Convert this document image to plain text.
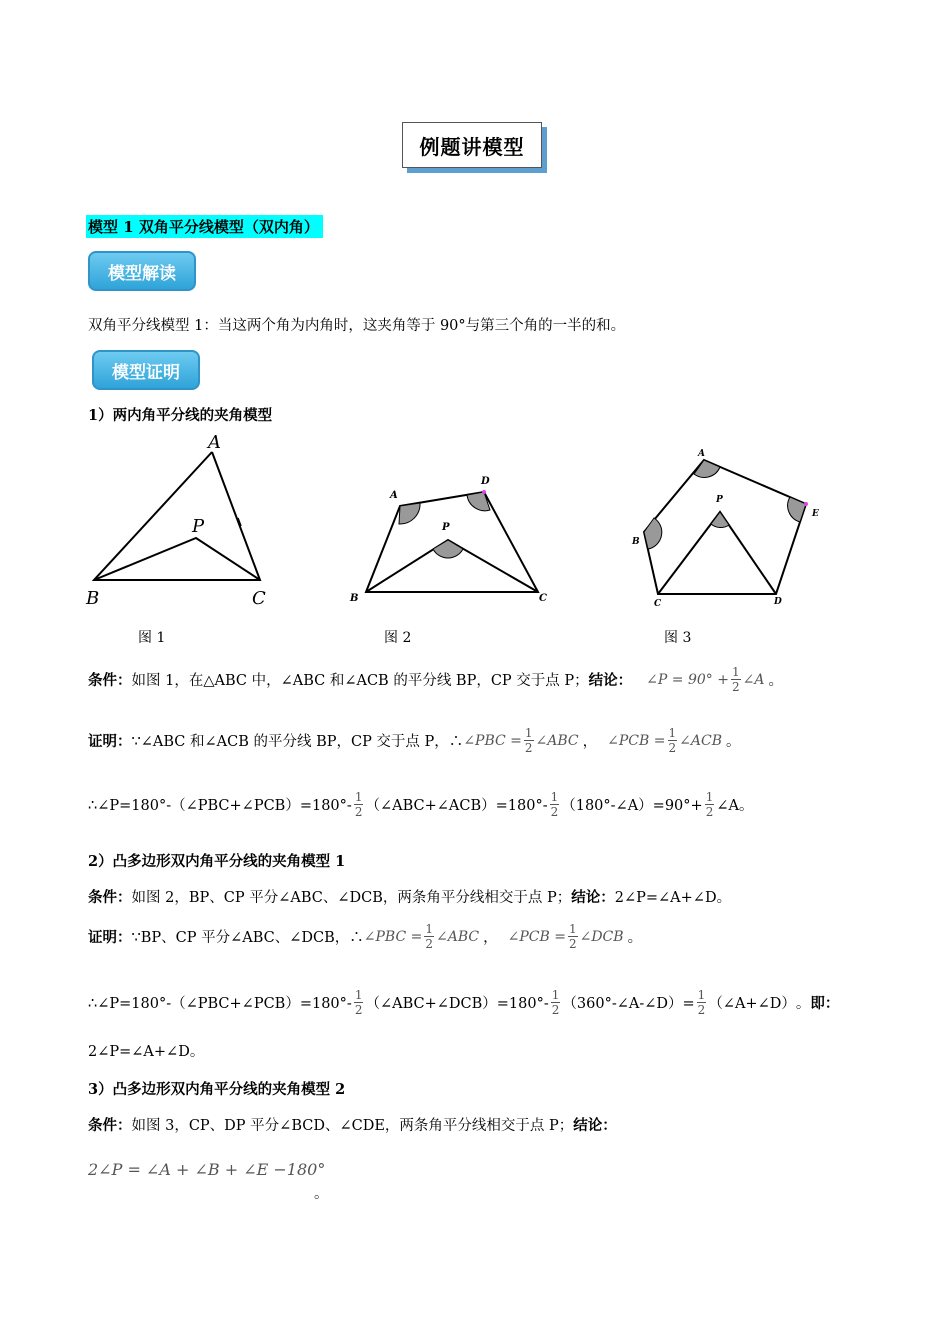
例题讲模型
模型 1 双角平分线模型（双内角）
模型解读
双角平分线模型 1：当这两个角为内角时，这夹角等于 90°与第三个角的一半的和。
模型证明
1）两内角平分线的夹角模型
A
P
B	C
A
D
P
B	C
A
P
B
E
C	D
图 1	图 2	图 3
条件： 如图 1，在△ABC 中，∠ABC 和∠ACB 的平分线 BP，CP 交于点 P； 结论： ∠P = $90^\circ + \frac{1}{2}$ ∠A 。
证明： ∵∠ABC 和∠ACB 的平分线 BP，CP 交于点 P，∴ ∠PBC = $\frac{1}{2}$ ∠ABC ， ∠PCB = $\frac{1}{2}$ ∠ACB 。
∴∠P=180°-（∠PBC+∠PCB）=180°- $\frac{1}{2}$ （∠ABC+∠ACB）=180°- $\frac{1}{2}$ （180°-∠A）=90°+ $\frac{1}{2}$ ∠A。
2）凸多边形双内角平分线的夹角模型 1
条件：如图 2，BP、CP 平分∠ABC、∠DCB，两条角平分线相交于点 P；结论：2∠P=∠A+∠D。
证明： ∵BP、CP 平分∠ABC、∠DCB，∴ ∠PBC = $\frac{1}{2}$ ∠ABC ， ∠PCB = $\frac{1}{2}$ ∠DCB 。
∴∠P=180°-（∠PBC+∠PCB）=180°- $\frac{1}{2}$ （∠ABC+∠DCB）=180°- $\frac{1}{2}$ （360°-∠A-∠D）= $\frac{1}{2}$ （∠A+∠D） 。 即：
2∠P=∠A+∠D。
3）凸多边形双内角平分线的夹角模型 2
条件：如图 3，CP、DP 平分∠BCD、∠CDE，两条角平分线相交于点 P；结论：
2∠P = ∠A + ∠B + ∠E −180°
。
